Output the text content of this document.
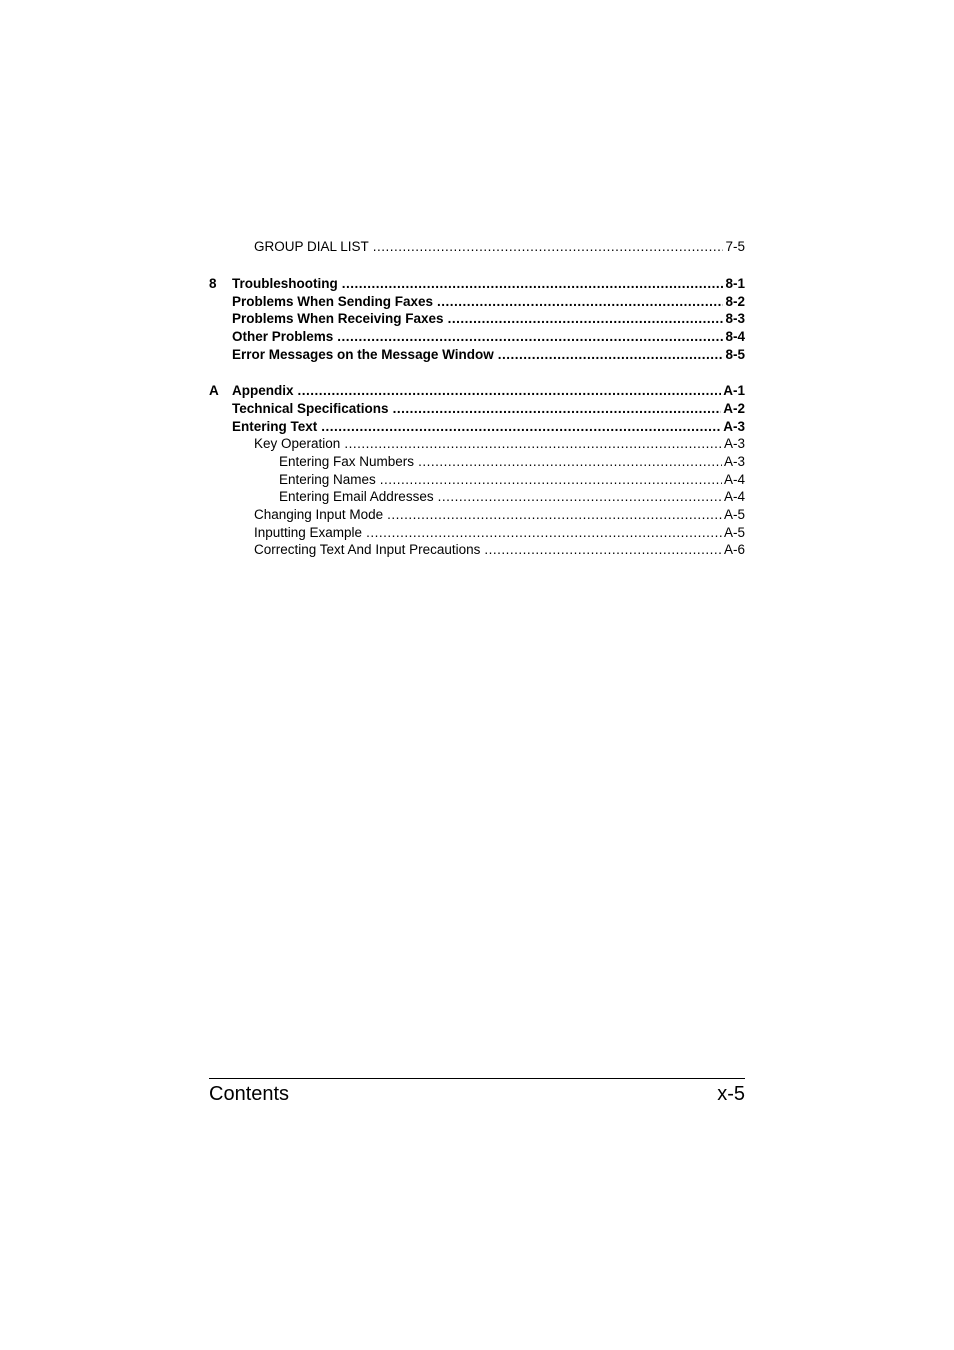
GROUP DIAL LIST .....	7-5
8 Troubleshooting .....	8-1
Problems When Sending Faxes .....	8-2
Problems When Receiving Faxes .....	8-3
Other Problems .....	8-4
Error Messages on the Message Window .....	8-5
A Appendix .....	A-1
Technical Specifications .....	A-2
Entering Text .....	A-3
Key Operation .....	A-3
Entering Fax Numbers .....	A-3
Entering Names .....	A-4
Entering Email Addresses .....	A-4
Changing Input Mode .....	A-5
Inputting Example .....	A-5
Correcting Text And Input Precautions .....	A-6
Contents	x-5
